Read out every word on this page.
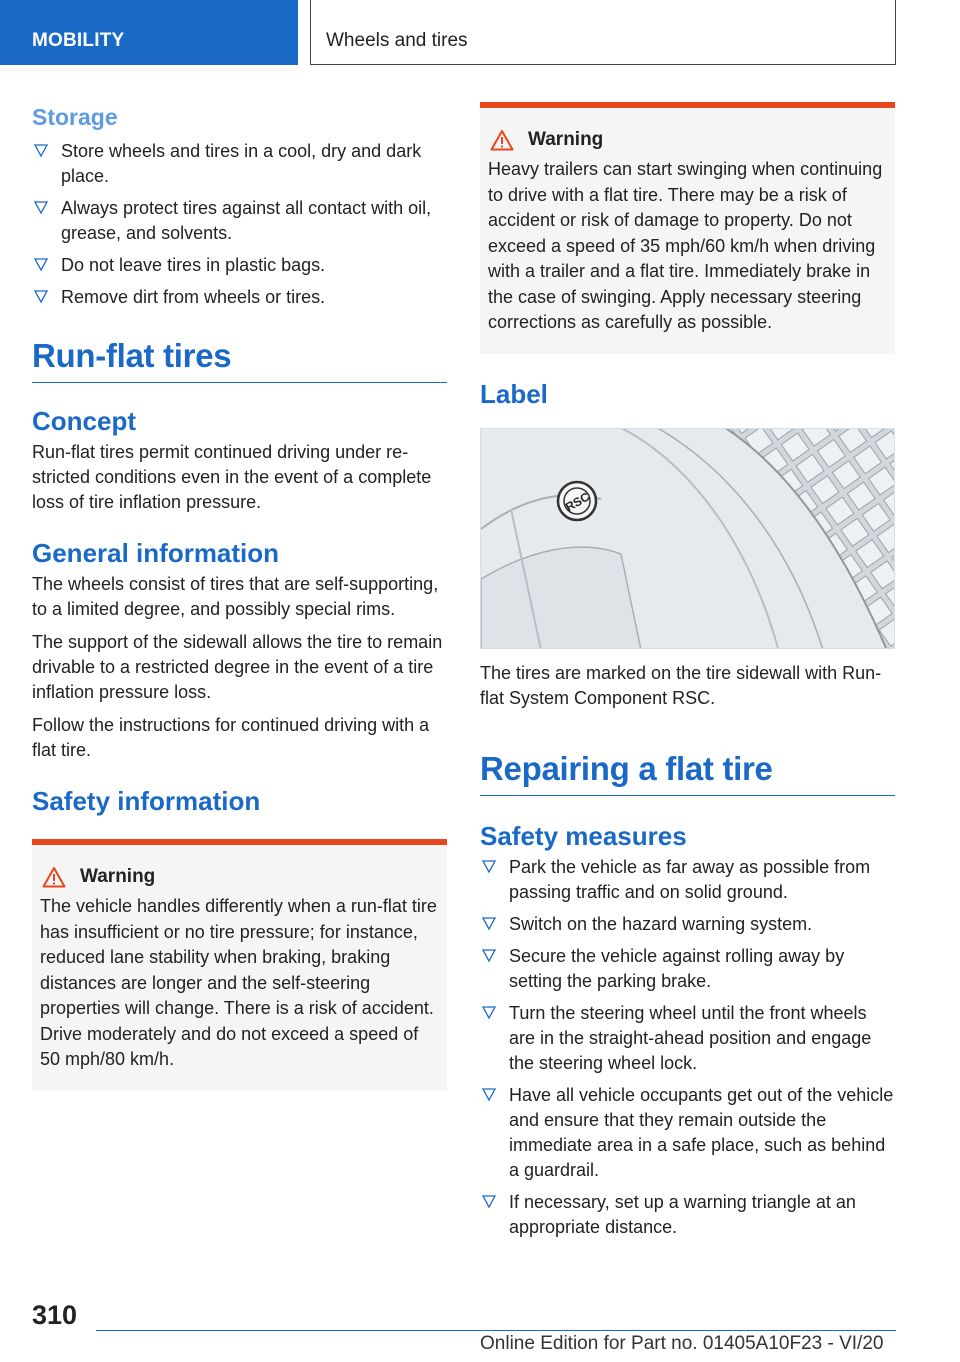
MOBILITY	Wheels and tires
Storage
Store wheels and tires in a cool, dry and dark place.
Always protect tires against all contact with oil, grease, and solvents.
Do not leave tires in plastic bags.
Remove dirt from wheels or tires.
Run-flat tires
Concept

Run-flat tires permit continued driving under restricted conditions even in the event of a complete loss of tire inflation pressure.

General information

The wheels consist of tires that are self-supporting, to a limited degree, and possibly special rims.

The support of the sidewall allows the tire to remain drivable to a restricted degree in the event of a tire inflation pressure loss.

Follow the instructions for continued driving with a flat tire.

Safety information
Warning

The vehicle handles differently when a run-flat tire has insufficient or no tire pressure; for instance, reduced lane stability when braking, braking distances are longer and the self-steering properties will change. There is a risk of accident. Drive moderately and do not exceed a speed of 50 mph/80 km/h.

Warning

Heavy trailers can start swinging when continuing to drive with a flat tire. There may be a risk of accident or risk of damage to property. Do not exceed a speed of 35 mph/60 km/h when driving with a trailer and a flat tire. Immediately brake in the case of swinging. Apply necessary steering corrections as carefully as possible.

Label
RSC

The tires are marked on the tire sidewall with Run-flat System Component RSC.

Repairing a flat tire
Safety measures
Park the vehicle as far away as possible from passing traffic and on solid ground.
Switch on the hazard warning system.
Secure the vehicle against rolling away by setting the parking brake.
Turn the steering wheel until the front wheels are in the straight-ahead position and engage the steering wheel lock.
Have all vehicle occupants get out of the vehicle and ensure that they remain outside the immediate area in a safe place, such as behind a guardrail.
If necessary, set up a warning triangle at an appropriate distance.
310
Online Edition for Part no. 01405A10F23 - VI/20
